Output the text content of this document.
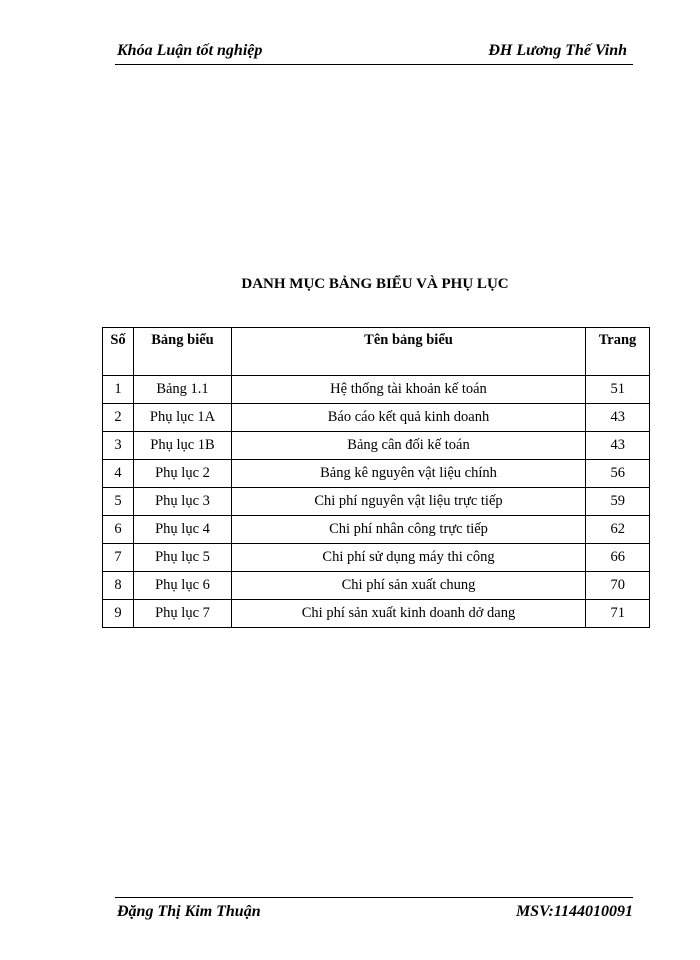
Khóa Luận tốt nghiệp	ĐH Lương Thế Vinh
DANH MỤC BẢNG BIỂU VÀ PHỤ LỤC
Số	Bảng biểu	Tên bảng biểu	Trang
1	Bảng 1.1	Hệ thống tài khoản kế toán	51
2	Phụ lục 1A	Báo cáo kết quả kinh doanh	43
3	Phụ lục 1B	Bảng cân đối kế toán	43
4	Phụ lục 2	Bảng kê nguyên vật liệu chính	56
5	Phụ lục 3	Chi phí nguyên vật liệu trực tiếp	59
6	Phụ lục 4	Chi phí nhân công trực tiếp	62
7	Phụ lục 5	Chi phí sử dụng máy thi công	66
8	Phụ lục 6	Chi phí sản xuất chung	70
9	Phụ lục 7	Chi phí sản xuất kinh doanh dở dang	71
Đặng Thị Kim Thuận	MSV:1144010091
